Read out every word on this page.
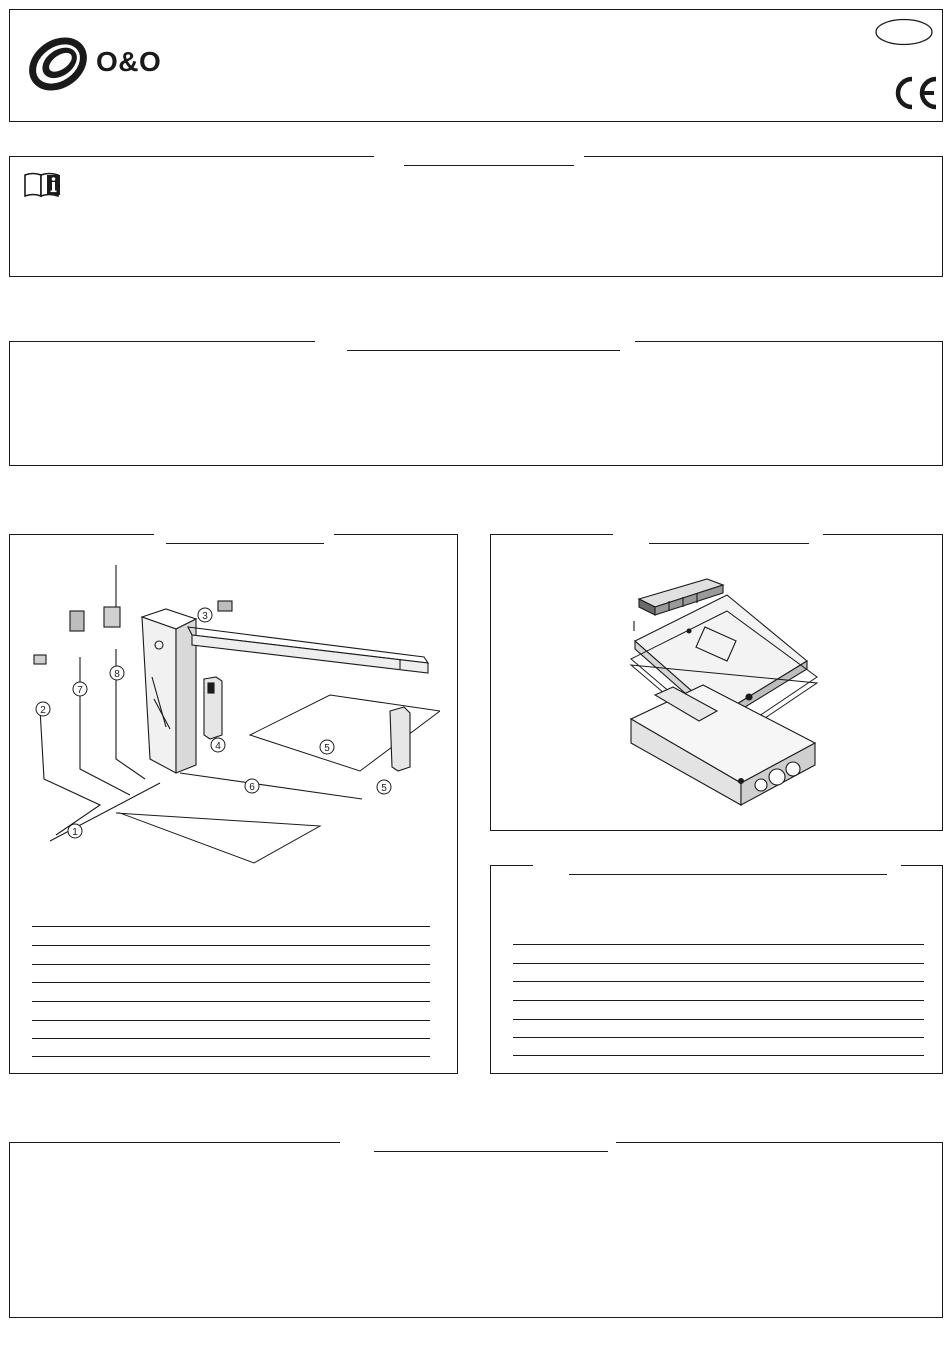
O&O
1
2
3
4
5
5
6
7
8
